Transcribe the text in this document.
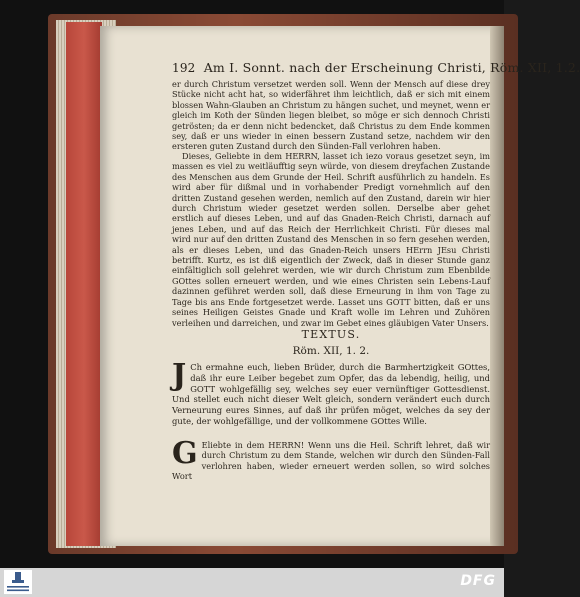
192 Am I. Sonnt. nach der Erscheinung Christi, Röm. XII, 1.2.

er durch Christum versetzet werden soll. Wenn der Mensch auf diese drey Stücke nicht acht hat, so widerfähret ihm leichtlich, daß er sich mit einem blossen Wahn-Glauben an Christum zu hängen suchet, und meynet, wenn er gleich im Koth der Sünden liegen bleibet, so möge er sich dennoch Christi getrösten; da er denn nicht bedencket, daß Christus zu dem Ende kommen sey, daß er uns wieder in einen bessern Zustand setze, nachdem wir den ersteren guten Zustand durch den Sünden-Fall verlohren haben.

Dieses, Geliebte in dem HERRN, lasset ich iezo voraus gesetzet seyn, im massen es viel zu weitläufftig seyn würde, von diesem dreyfachen Zustande des Menschen aus dem Grunde der Heil. Schrift ausführlich zu handeln. Es wird aber für dißmal und in vorhabender Predigt vornehmlich auf den dritten Zustand gesehen werden, nemlich auf den Zustand, darein wir hier durch Christum wieder gesetzet werden sollen. Derselbe aber gehet erstlich auf dieses Leben, und auf das Gnaden-Reich Christi, darnach auf jenes Leben, und auf das Reich der Herrlichkeit Christi. Für dieses mal wird nur auf den dritten Zustand des Menschen in so fern gesehen werden, als er dieses Leben, und das Gnaden-Reich unsers HErrn JEsu Christi betrifft. Kurtz, es ist diß eigentlich der Zweck, daß in dieser Stunde ganz einfältiglich soll gelehret werden, wie wir durch Christum zum Ebenbilde GOttes sollen erneuert werden, und wie eines Christen sein Lebens-Lauf dazinnen geführet werden soll, daß diese Erneurung in ihm von Tage zu Tage bis ans Ende fortgesetzet werde. Lasset uns GOTT bitten, daß er uns seines Heiligen Geistes Gnade und Kraft wolle im Lehren und Zuhören verleihen und darreichen, und zwar im Gebet eines gläubigen Vater Unsers.

TEXTUS.
Röm. XII, 1. 2.
J Ch ermahne euch, lieben Brüder, durch die Barmhertzigkeit GOttes, daß ihr eure Leiber begebet zum Opfer, das da lebendig, heilig, und GOTT wohlgefällig sey, welches sey euer vernünftiger Gottesdienst. Und stellet euch nicht dieser Welt gleich, sondern verändert euch durch Verneurung eures Sinnes, auf daß ihr prüfen möget, welches da sey der gute, der wohlgefällige, und der vollkommene GOttes Wille.
G Eliebte in dem HERRN! Wenn uns die Heil. Schrift lehret, daß wir durch Christum zu dem Stande, welchen wir durch den Sünden-Fall verlohren haben, wieder erneuert werden sollen, so wird solches Wort
DFG
